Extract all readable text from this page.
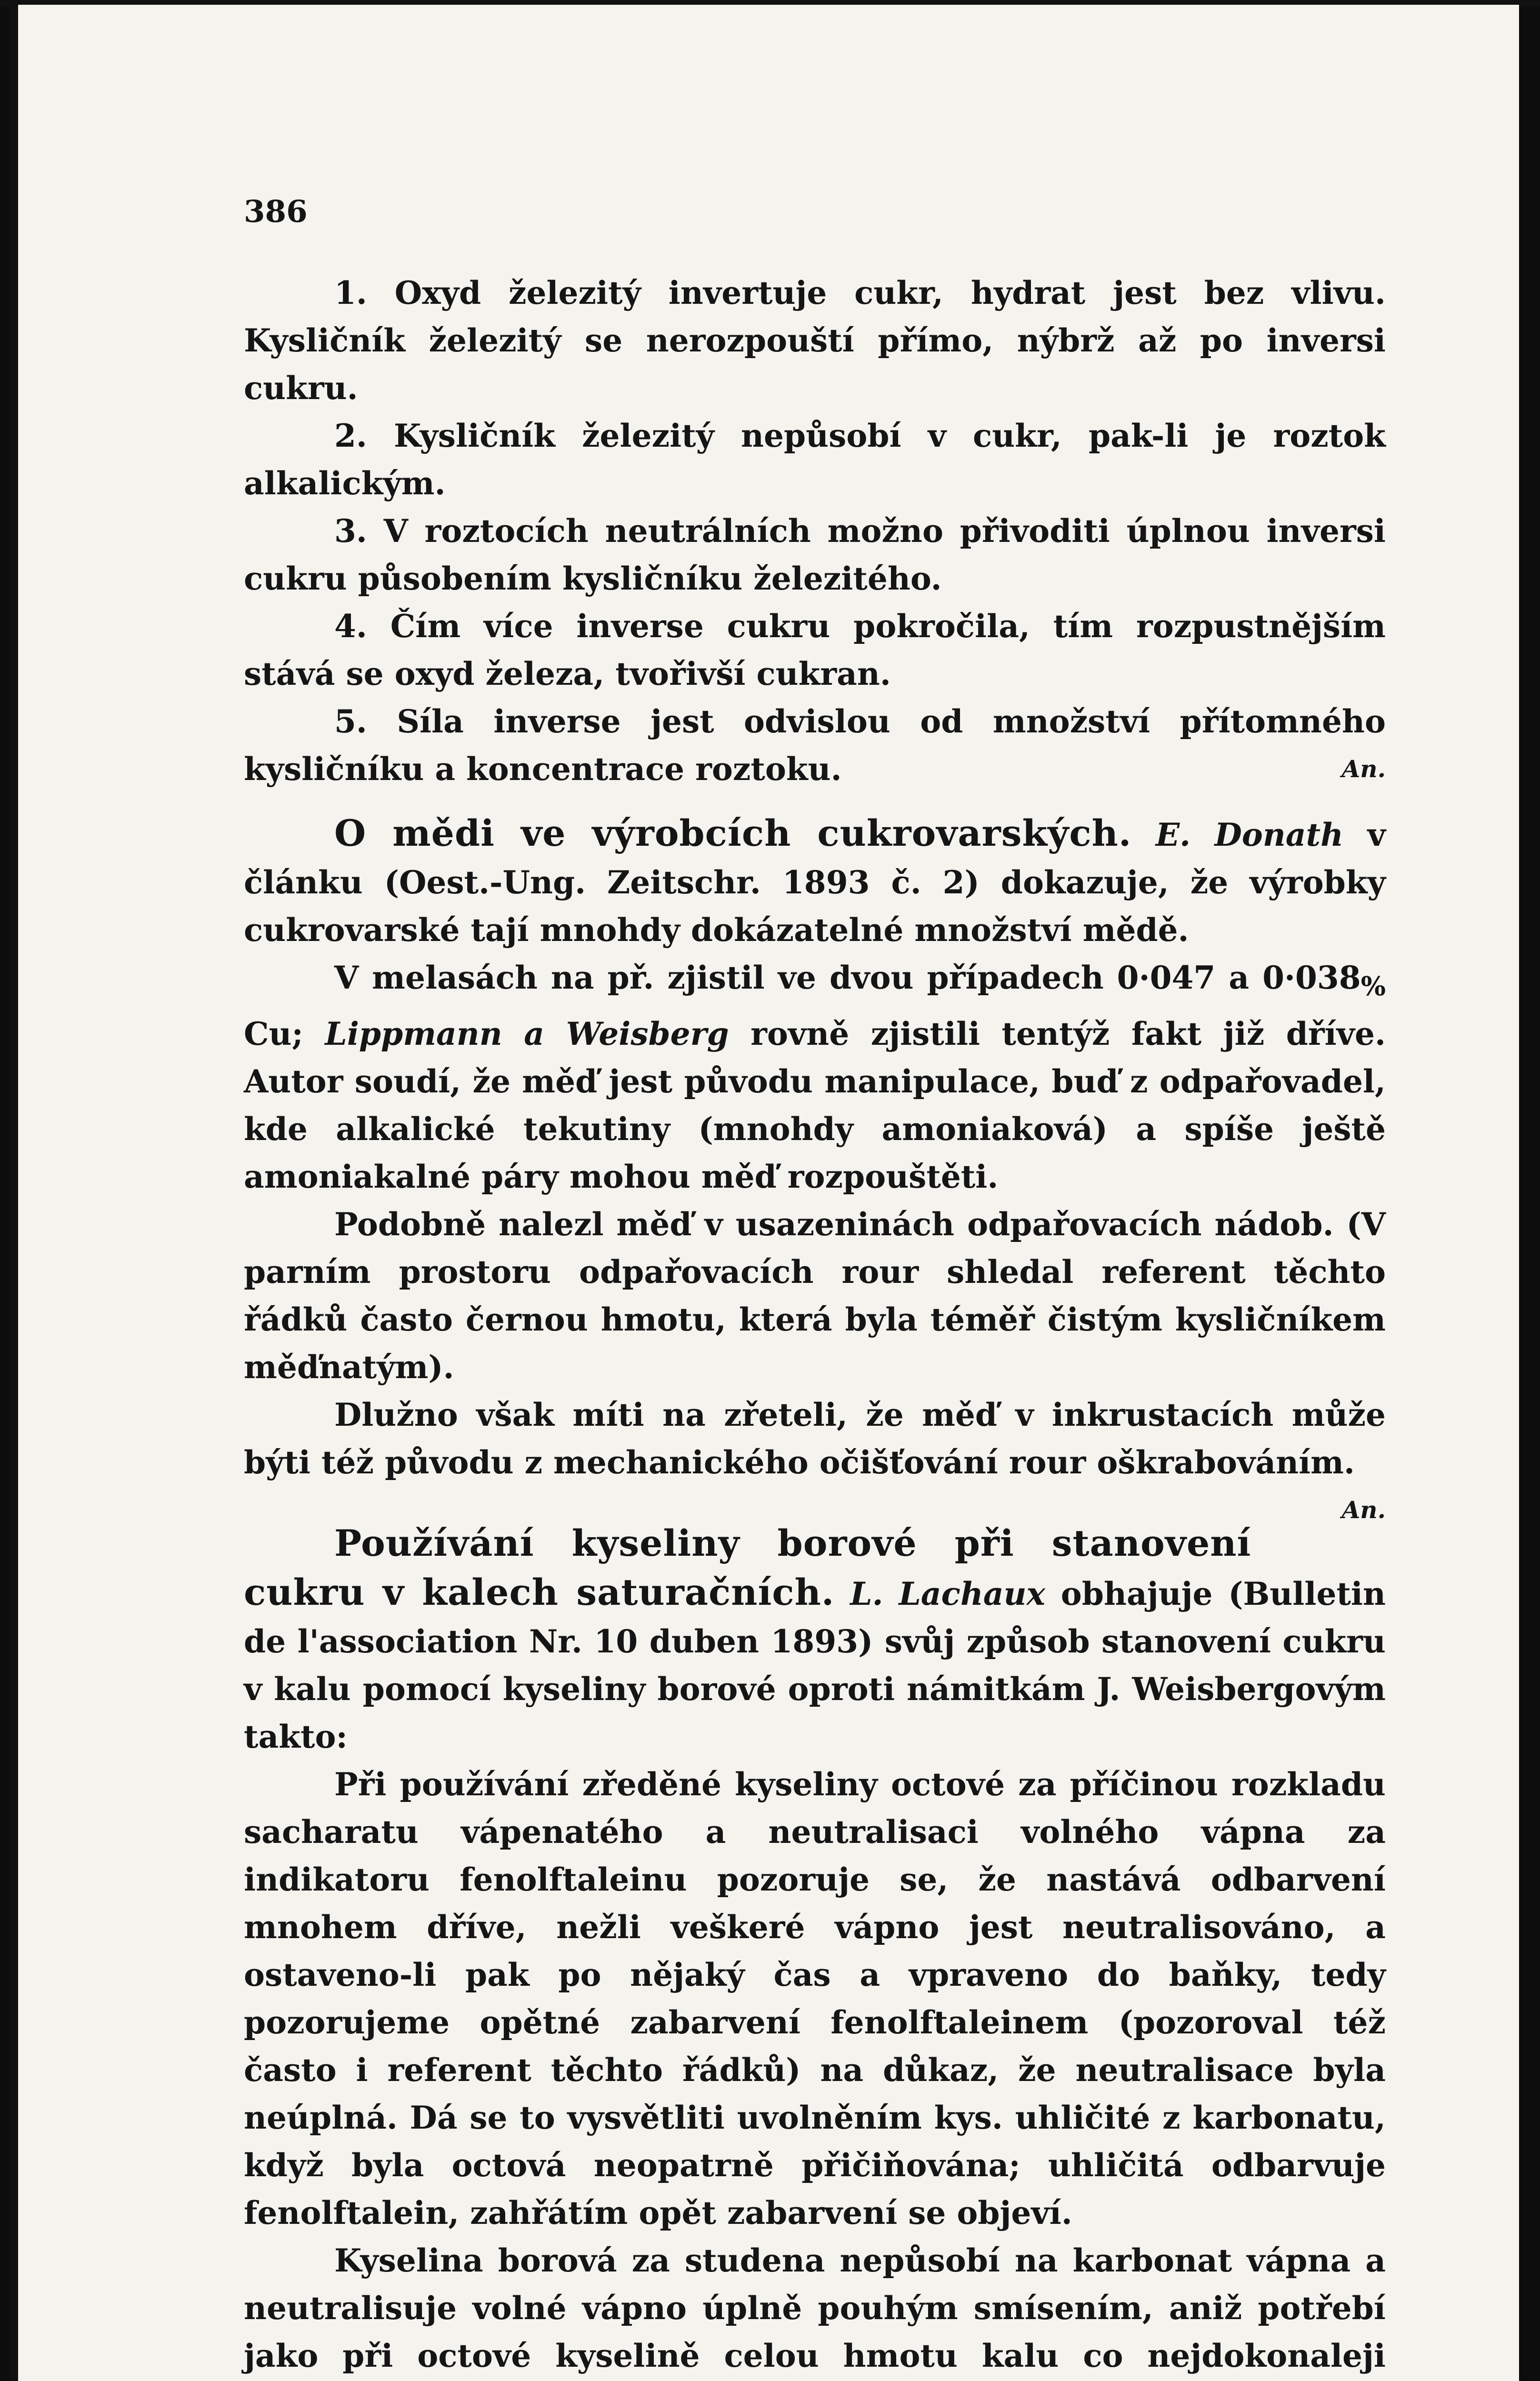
386

1. Oxyd železitý invertuje cukr, hydrat jest bez vlivu. Kysličník železitý se nerozpouští přímo, nýbrž až po inversi cukru.

2. Kysličník železitý nepůsobí v cukr, pak-li je roztok alkalickým.

3. V roztocích neutrálních možno přivoditi úplnou inversi cukru působením kysličníku železitého.

4. Čím více inverse cukru pokročila, tím rozpustnějším stává se oxyd železa, tvořivší cukran.

5. Síla inverse jest odvislou od množství přítomného kysličníku a koncentrace roztoku.	An.

O mědi ve výrobcích cukrovarských. E. Donath v článku (Oest.-Ung. Zeitschr. 1893 č. 2) dokazuje, že výrobky cukrovarské tají mnohdy dokázatelné množství mědě.

V melasách na př. zjistil ve dvou případech 0·047 a $0\cdot 038_{\%}$ Cu; Lippmann a Weisberg rovně zjistili tentýž fakt již dříve. Autor soudí, že měď jest původu manipulace, buď z odpařovadel, kde alkalické tekutiny (mnohdy amoniaková) a spíše ještě amoniakalné páry mohou měď rozpouštěti.

Podobně nalezl měď v usazeninách odpařovacích nádob. (V parním prostoru odpařovacích rour shledal referent těchto řádků často černou hmotu, která byla téměř čistým kysličníkem měďnatým).

Dlužno však míti na zřeteli, že měď v inkrustacích může býti též původu z mechanického očišťování rour oškrabováním.
An.

Používání kyseliny borové při stanovení cukru v kalech saturačních. L. Lachaux obhajuje (Bulletin de l'association Nr. 10 duben 1893) svůj způsob stanovení cukru v kalu pomocí kyseliny borové oproti námitkám J. Weisbergovým takto:

Při používání zředěné kyseliny octové za příčinou rozkladu sacharatu vápenatého a neutralisaci volného vápna za indikatoru fenolftaleinu pozoruje se, že nastává odbarvení mnohem dříve, nežli veškeré vápno jest neutralisováno, a ostaveno-li pak po nějaký čas a vpraveno do baňky, tedy pozorujeme opětné zabarvení fenolftaleinem (pozoroval též často i referent těchto řádků) na důkaz, že neutralisace byla neúplná. Dá se to vysvětliti uvolněním kys. uhličité z karbonatu, když byla octová neopatrně přičiňována; uhličitá odbarvuje fenolftalein, zahřátím opět zabarvení se objeví.

Kyselina borová za studena nepůsobí na karbonat vápna a neutralisuje volné vápno úplně pouhým smísením, aniž potřebí jako při octové kyselině celou hmotu kalu co nejdokonaleji
